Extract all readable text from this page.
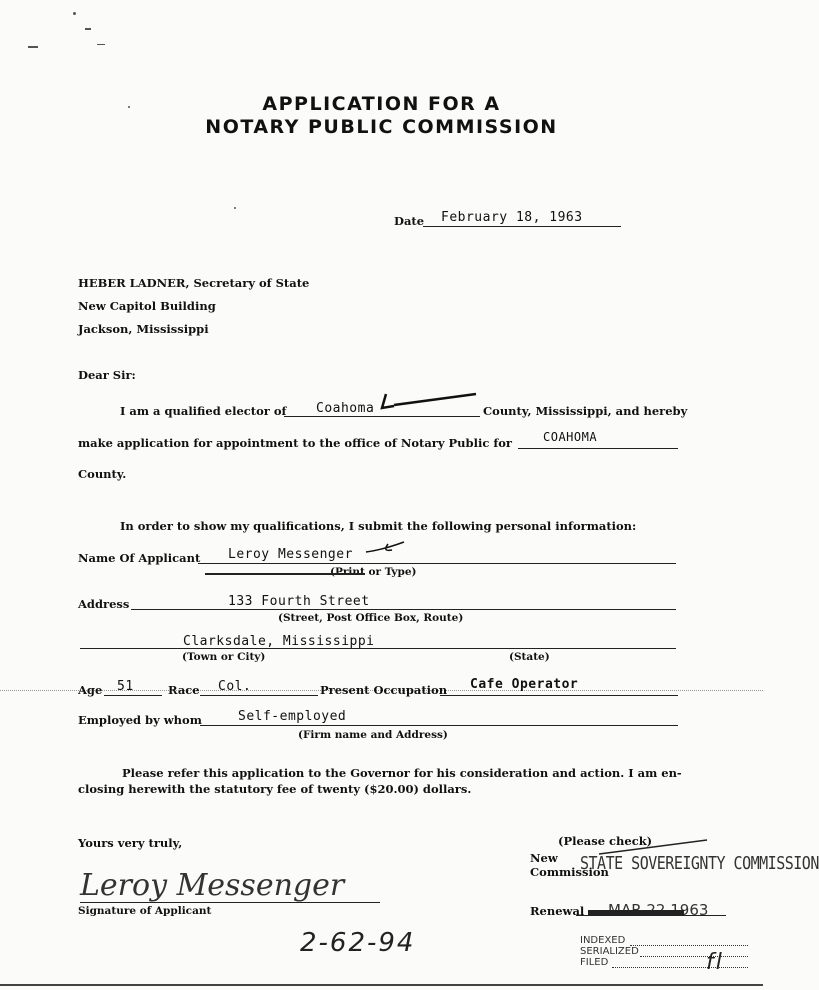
APPLICATION FOR A
NOTARY PUBLIC COMMISSION
Date February 18, 1963
HEBER LADNER, Secretary of State
New Capitol Building
Jackson, Mississippi
Dear Sir:
I am a qualified elector of Coahoma	County, Mississippi, and hereby
make application for appointment to the office of Notary Public for	COAHOMA
County.
In order to show my qualifications, I submit the following personal information:
Name Of Applicant Leroy Messenger
(Print or Type)
Address	133 Fourth Street
(Street, Post Office Box, Route)
Clarksdale, Mississippi
(Town or City)	(State)
Age 51	Race Col.	Present Occupation Cafe Operator
Employed by whom	Self-employed
(Firm name and Address)
Please refer this application to the Governor for his consideration and action. I am en-
closing herewith the statutory fee of twenty ($20.00) dollars.
Yours very truly,
Leroy Messenger
Signature of Applicant
2-62-94
(Please check)
New
Commission
STATE SOVEREIGNTY COMMISSION
Renewal MAR 22 1963
INDEXED
SERIALIZED
FILED	fl
